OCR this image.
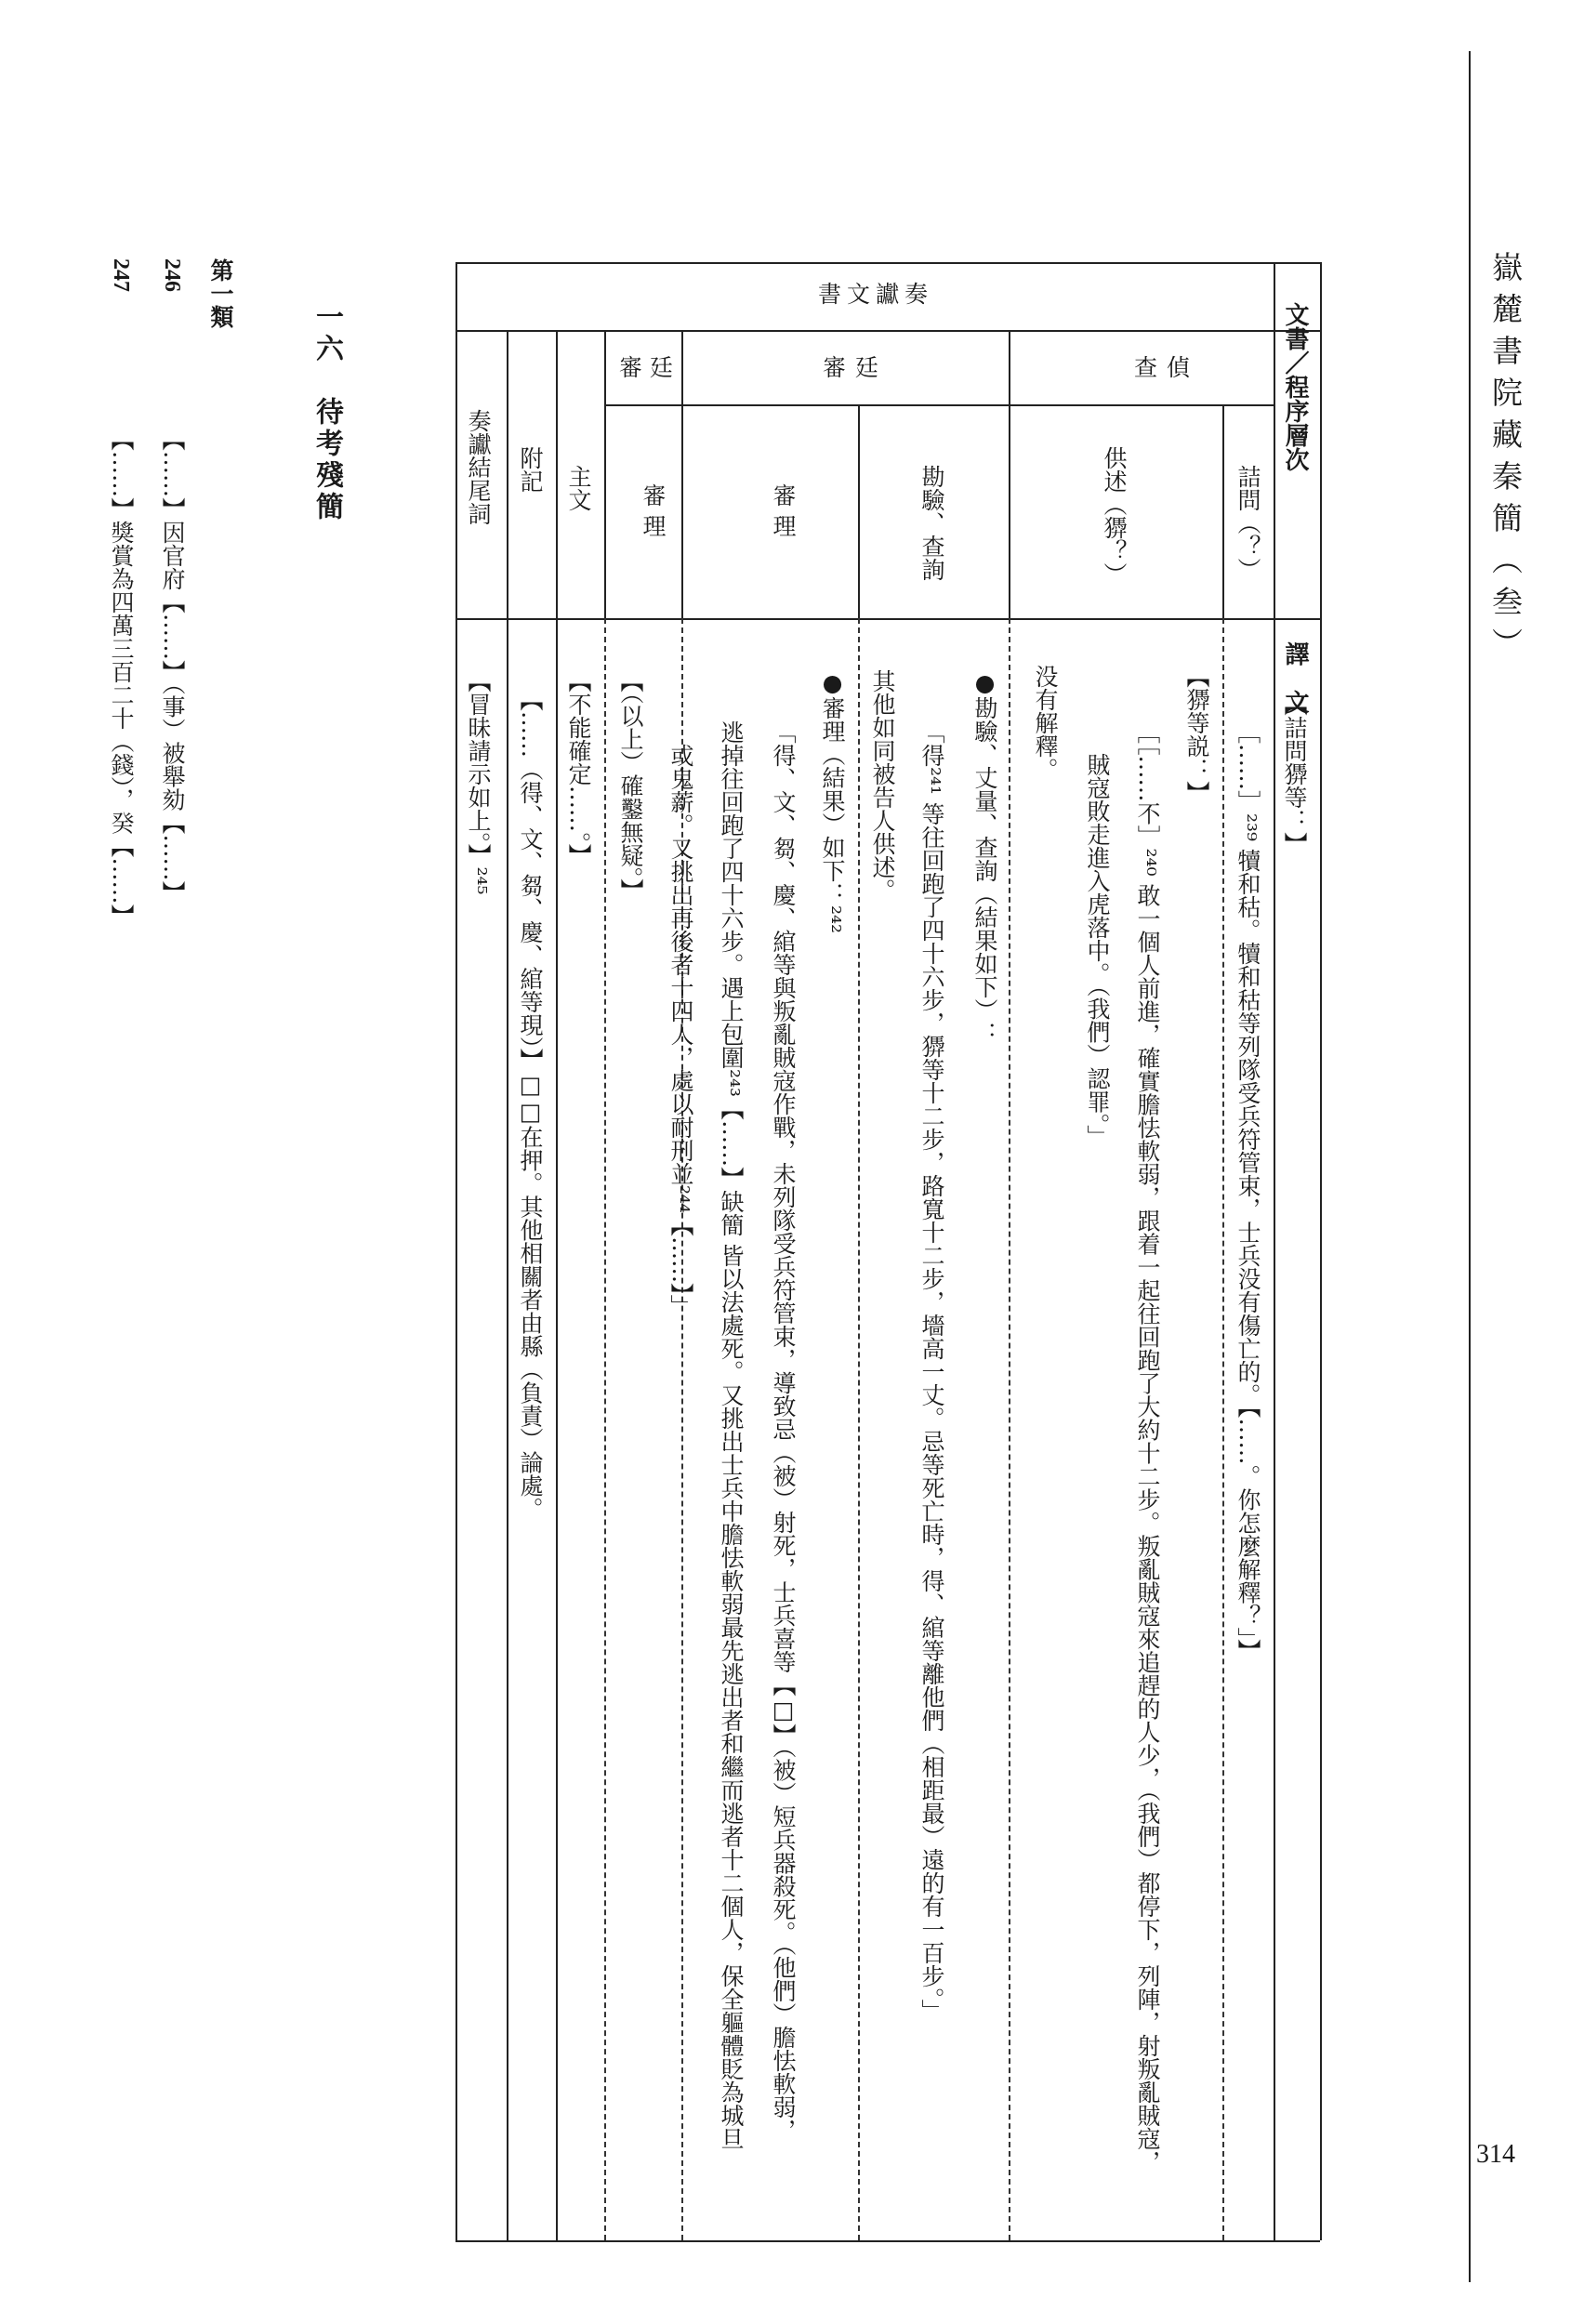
嶽麓書院藏秦簡（叁）
314
文書／程序層次
譯　文
書文讞奏
查偵
審廷
審廷
詰問（？）
供述（㺛？）
勘驗、查詢
審理
審理
主文
附記
奏讞結尾詞
【詰問㺛等：】
［……］²³⁹ 犢和秙。犢和秙等列隊受兵符管束，士兵没有傷亡的。【……。你怎麼解釋？」】
【㺛等説：】
［［……不］²⁴⁰ 敢一個人前進，確實膽怯軟弱，跟着一起往回跑了大約十二步。叛亂賊寇來追趕的人少，（我們）都停下，列陣，射叛亂賊寇，
賊寇敗走進入虎落中。（我們）認罪。」
没有解釋。
●勘驗、丈量、查詢（結果如下）：
「得²⁴¹ 等往回跑了四十六步，㺛等十二步，路寬十二步，墻高一丈。忌等死亡時，得、綰等離他們（相距最）遠的有一百步。」
其他如同被告人供述。
●審理（結果）如下：²⁴²
「得、文、芻、慶、綰等與叛亂賊寇作戰，未列隊受兵符管束，導致忌（被）射死，士兵喜等【□】（被）短兵器殺死。（他們）膽怯軟弱，
逃掉往回跑了四十六步。遇上包圍²⁴³【……】缺簡 皆以法處死。又挑出士兵中膽怯軟弱最先逃出者和繼而逃者十二個人，保全軀體貶為城旦
或鬼薪。又挑出再後者十四人，處以耐刑並²⁴⁴【……】」
【（以上）確鑿無疑。】
【不能確定……。】
【……（得、文、芻、慶、綰等現）】□□在押。其他相關者由縣（負責）論處。
【冒昧請示如上。】²⁴⁵
一六　待考殘簡
第一類
246
【……】因官府【……】（事）被舉劾【……】
247
【……】獎賞為四萬三百二十（錢），癸【……】
